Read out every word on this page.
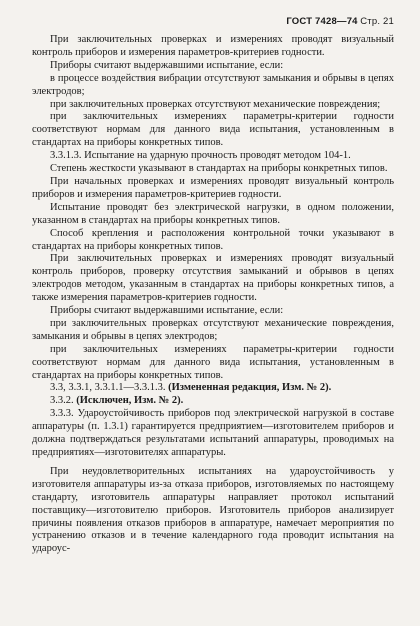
ГОСТ 7428—74 Стр. 21

При заключительных проверках и измерениях проводят визуальный контроль приборов и измерения параметров-критериев годности.

Приборы считают выдержавшими испытание, если:

в процессе воздействия вибрации отсутствуют замыкания и обрывы в цепях электродов;

при заключительных проверках отсутствуют механические повреждения;

при заключительных измерениях параметры-критерии годности соответствуют нормам для данного вида испытания, установленным в стандартах на приборы конкретных типов.

3.3.1.3. Испытание на ударную прочность проводят методом 104-1.

Степень жесткости указывают в стандартах на приборы конкретных типов.

При начальных проверках и измерениях проводят визуальный контроль приборов и измерения параметров-критериев годности.

Испытание проводят без электрической нагрузки, в одном положении, указанном в стандартах на приборы конкретных типов.

Способ крепления и расположения контрольной точки указывают в стандартах на приборы конкретных типов.

При заключительных проверках и измерениях проводят визуальный контроль приборов, проверку отсутствия замыканий и обрывов в цепях электродов методом, указанным в стандартах на приборы конкретных типов, а также измерения параметров-критериев годности.

Приборы считают выдержавшими испытание, если:

при заключительных проверках отсутствуют механические повреждения, замыкания и обрывы в цепях электродов;

при заключительных измерениях параметры-критерии годности соответствуют нормам для данного вида испытания, установленным в стандартах на приборы конкретных типов.

3.3, 3.3.1, 3.3.1.1—3.3.1.3. (Измененная редакция, Изм. № 2).

3.3.2. (Исключен, Изм. № 2).

3.3.3. Удароустойчивость приборов под электрической нагрузкой в составе аппаратуры (п. 1.3.1) гарантируется предприятием—изготовителем приборов и должна подтверждаться результатами испытаний аппаратуры, проводимых на предприятиях—изготовителях аппаратуры.

При неудовлетворительных испытаниях на удароустойчивость у изготовителя аппаратуры из-за отказа приборов, изготовляемых по настоящему стандарту, изготовитель аппаратуры направляет протокол испытаний поставщику—изготовителю приборов. Изготовитель приборов анализирует причины появления отказов приборов в аппаратуре, намечает мероприятия по устранению отказов и в течение календарного года проводит испытания на удароус-
